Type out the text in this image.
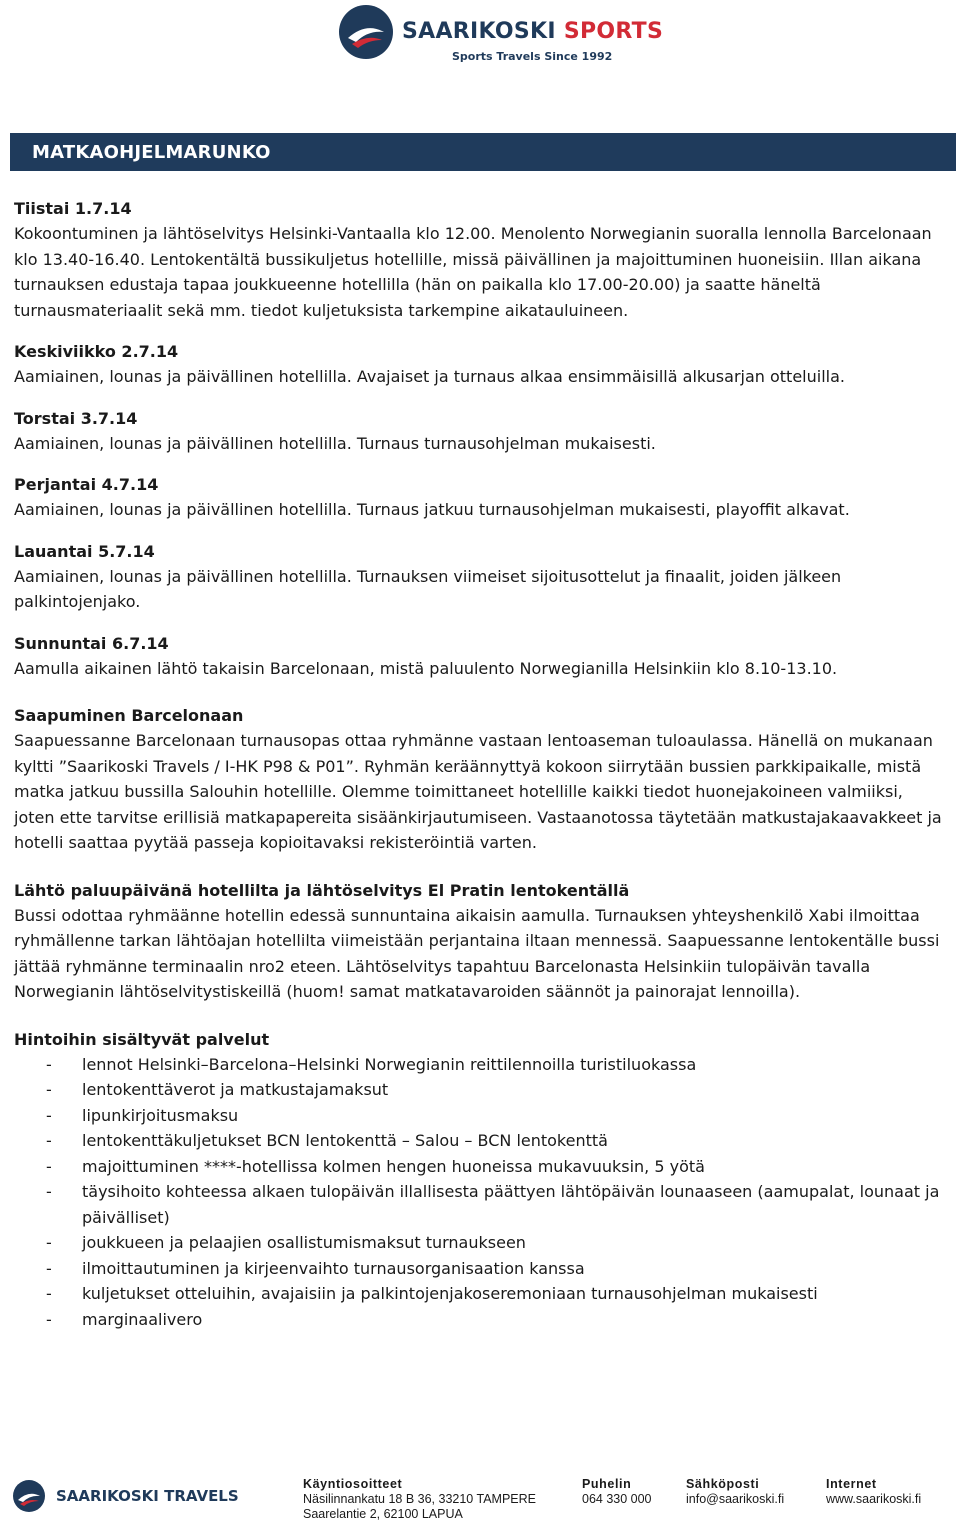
SAARIKOSKI SPORTS
Sports Travels Since 1992
MATKAOHJELMARUNKO
Tiistai 1.7.14

Kokoontuminen ja lähtöselvitys Helsinki-Vantaalla klo 12.00. Menolento Norwegianin suoralla lennolla Barcelonaan klo 13.40-16.40. Lentokentältä bussikuljetus hotellille, missä päivällinen ja majoittuminen huoneisiin. Illan aikana turnauksen edustaja tapaa joukkueenne hotellilla (hän on paikalla klo 17.00-20.00) ja saatte häneltä turnausmateriaalit sekä mm. tiedot kuljetuksista tarkempine aikatauluineen.

Keskiviikko 2.7.14

Aamiainen, lounas ja päivällinen hotellilla. Avajaiset ja turnaus alkaa ensimmäisillä alkusarjan otteluilla.

Torstai 3.7.14

Aamiainen, lounas ja päivällinen hotellilla. Turnaus turnausohjelman mukaisesti.

Perjantai 4.7.14

Aamiainen, lounas ja päivällinen hotellilla. Turnaus jatkuu turnausohjelman mukaisesti, playoffit alkavat.

Lauantai 5.7.14

Aamiainen, lounas ja päivällinen hotellilla. Turnauksen viimeiset sijoitusottelut ja finaalit, joiden jälkeen palkintojenjako.

Sunnuntai 6.7.14

Aamulla aikainen lähtö takaisin Barcelonaan, mistä paluulento Norwegianilla Helsinkiin klo 8.10-13.10.

Saapuminen Barcelonaan

Saapuessanne Barcelonaan turnausopas ottaa ryhmänne vastaan lentoaseman tuloaulassa. Hänellä on mukanaan kyltti ”Saarikoski Travels / I-HK P98 & P01”. Ryhmän keräännyttyä kokoon siirrytään bussien parkkipaikalle, mistä matka jatkuu bussilla Salouhin hotellille. Olemme toimittaneet hotellille kaikki tiedot huonejakoineen valmiiksi, joten ette tarvitse erillisiä matkapapereita sisäänkirjautumiseen. Vastaanotossa täytetään matkustajakaavakkeet ja hotelli saattaa pyytää passeja kopioitavaksi rekisteröintiä varten.

Lähtö paluupäivänä hotellilta ja lähtöselvitys El Pratin lentokentällä

Bussi odottaa ryhmäänne hotellin edessä sunnuntaina aikaisin aamulla. Turnauksen yhteyshenkilö Xabi ilmoittaa ryhmällenne tarkan lähtöajan hotellilta viimeistään perjantaina iltaan mennessä. Saapuessanne lentokentälle bussi jättää ryhmänne terminaalin nro2 eteen. Lähtöselvitys tapahtuu Barcelonasta Helsinkiin tulopäivän tavalla Norwegianin lähtöselvitystiskeillä (huom! samat matkatavaroiden säännöt ja painorajat lennoilla).

Hintoihin sisältyvät palvelut
- lennot Helsinki–Barcelona–Helsinki Norwegianin reittilennoilla turistiluokassa
- lentokenttäverot ja matkustajamaksut
- lipunkirjoitusmaksu
- lentokenttäkuljetukset BCN lentokenttä – Salou – BCN lentokenttä
- majoittuminen ****-hotellissa kolmen hengen huoneissa mukavuuksin, 5 yötä
- täysihoito kohteessa alkaen tulopäivän illallisesta päättyen lähtöpäivän lounaaseen (aamupalat, lounaat ja päivälliset)
- joukkueen ja pelaajien osallistumismaksut turnaukseen
- ilmoittautuminen ja kirjeenvaihto turnausorganisaation kanssa
- kuljetukset otteluihin, avajaisiin ja palkintojenjakoseremoniaan turnausohjelman mukaisesti
- marginaalivero
SAARIKOSKI TRAVELS
Käyntiosoitteet
Näsilinnankatu 18 B 36, 33210 TAMPERE
Saarelantie 2, 62100 LAPUA
Puhelin
064 330 000
Sähköposti
info@saarikoski.fi
Internet
www.saarikoski.fi
